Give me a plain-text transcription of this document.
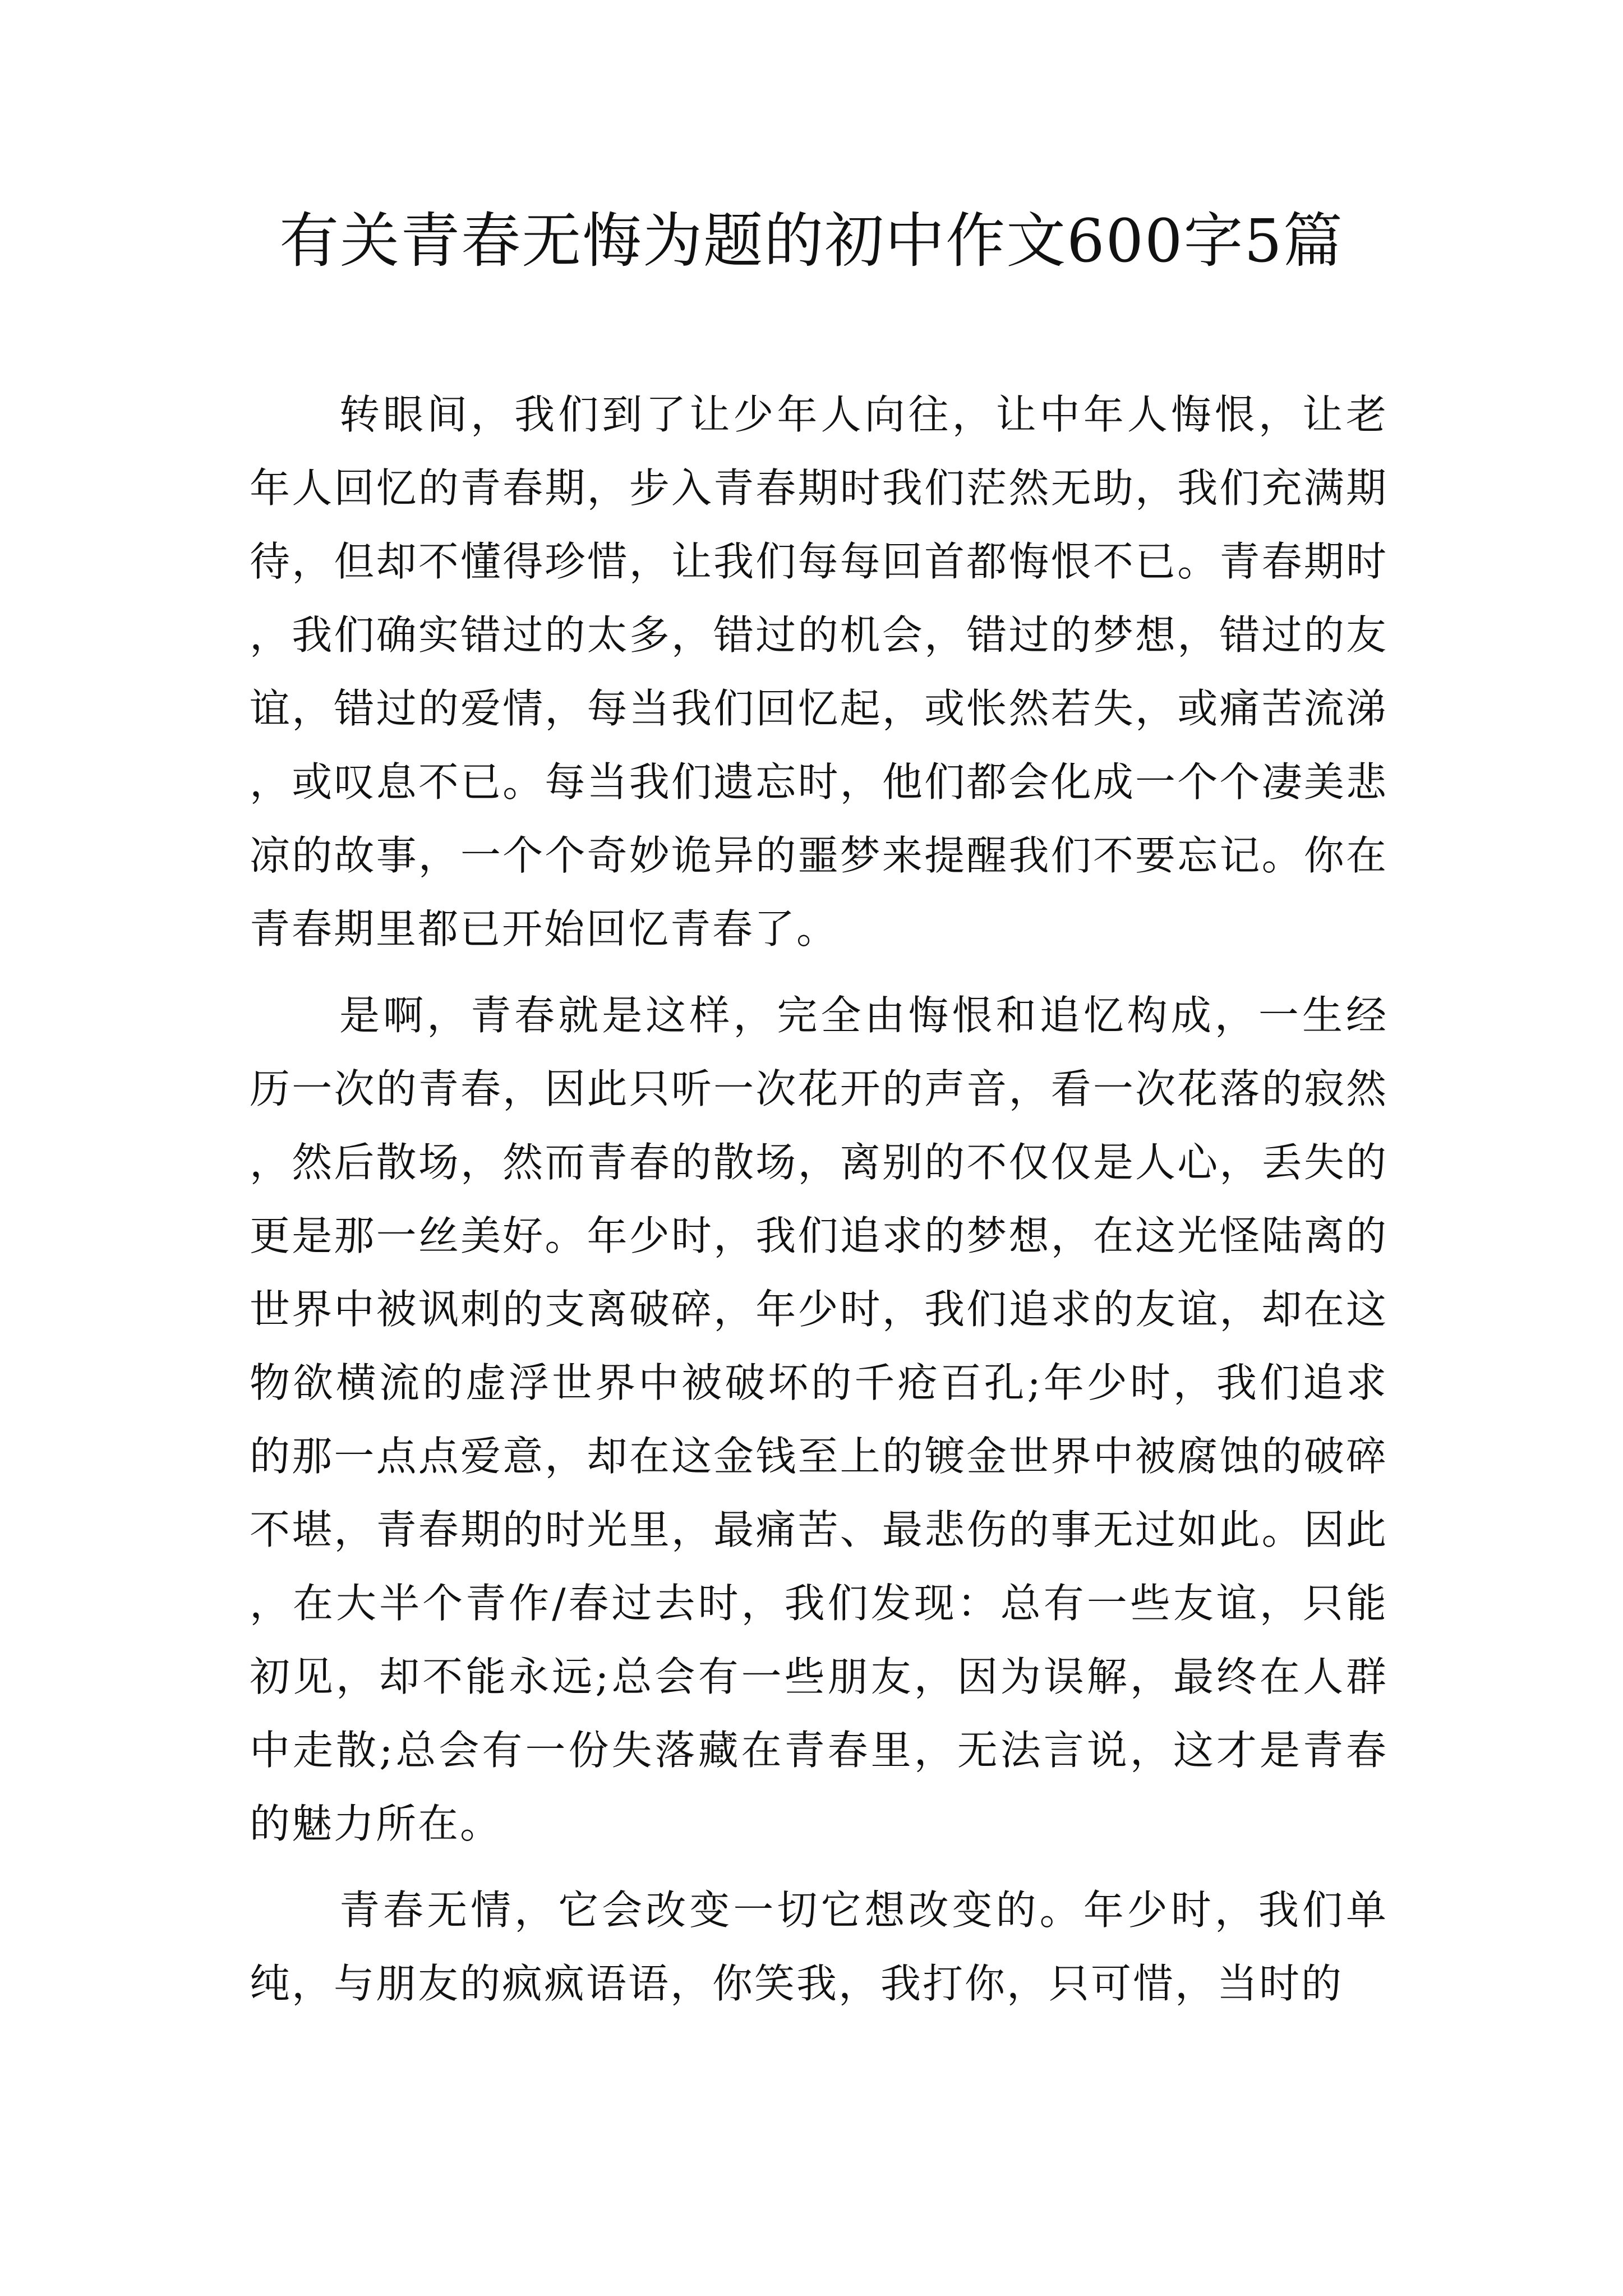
有关青春无悔为题的初中作文600字5篇

转眼间，我们到了让少年人向往，让中年人悔恨，让老年人回忆的青春期，步入青春期时我们茫然无助，我们充满期待，但却不懂得珍惜，让我们每每回首都悔恨不已。青春期时，我们确实错过的太多，错过的机会，错过的梦想，错过的友谊，错过的爱情，每当我们回忆起，或怅然若失，或痛苦流涕，或叹息不已。每当我们遗忘时，他们都会化成一个个凄美悲凉的故事，一个个奇妙诡异的噩梦来提醒我们不要忘记。你在青春期里都已开始回忆青春了。

是啊，青春就是这样，完全由悔恨和追忆构成，一生经历一次的青春，因此只听一次花开的声音，看一次花落的寂然，然后散场，然而青春的散场，离别的不仅仅是人心，丢失的更是那一丝美好。年少时，我们追求的梦想，在这光怪陆离的世界中被讽刺的支离破碎，年少时，我们追求的友谊，却在这物欲横流的虚浮世界中被破坏的千疮百孔;年少时，我们追求的那一点点爱意，却在这金钱至上的镀金世界中被腐蚀的破碎不堪，青春期的时光里，最痛苦、最悲伤的事无过如此。因此，在大半个青作/春过去时，我们发现：总有一些友谊，只能初见，却不能永远;总会有一些朋友，因为误解，最终在人群中走散;总会有一份失落藏在青春里，无法言说，这才是青春的魅力所在。

青春无情，它会改变一切它想改变的。年少时，我们单纯，与朋友的疯疯语语，你笑我，我打你，只可惜，当时的
